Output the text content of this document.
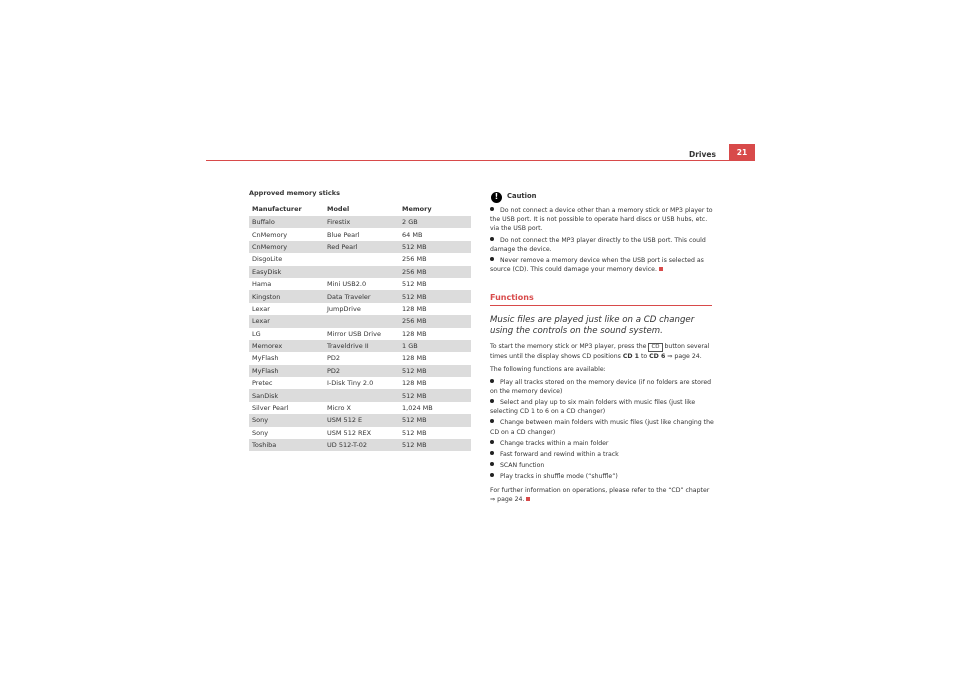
Drives	21
Approved memory sticks
Manufacturer	Model	Memory
Buffalo	Firestix	2 GB
CnMemory	Blue Pearl	64 MB
CnMemory	Red Pearl	512 MB
DisgoLite		256 MB
EasyDisk		256 MB
Hama	Mini USB2.0	512 MB
Kingston	Data Traveler	512 MB
Lexar	JumpDrive	128 MB
Lexar		256 MB
LG	Mirror USB Drive	128 MB
Memorex	Traveldrive II	1 GB
MyFlash	PD2	128 MB
MyFlash	PD2	512 MB
Pretec	I-Disk Tiny 2.0	128 MB
SanDisk		512 MB
Silver Pearl	Micro X	1,024 MB
Sony	USM 512 E	512 MB
Sony	USM 512 REX	512 MB
Toshiba	UD 512-T-02	512 MB
!	Caution
Do not connect a device other than a memory stick or MP3 player to the USB port. It is not possible to operate hard discs or USB hubs, etc. via the USB port.
Do not connect the MP3 player directly to the USB port. This could damage the device.
Never remove a memory device when the USB port is selected as source (CD). This could damage your memory device.
Functions
Music files are played just like on a CD changer using the controls on the sound system.

To start the memory stick or MP3 player, press the CD button several times until the display shows CD positions CD 1 to CD 6 ⇒ page 24.

The following functions are available:

Play all tracks stored on the memory device (if no folders are stored on the memory device)
Select and play up to six main folders with music files (just like selecting CD 1 to 6 on a CD changer)
Change between main folders with music files (just like changing the CD on a CD changer)
Change tracks within a main folder
Fast forward and rewind within a track
SCAN function
Play tracks in shuffle mode (“shuffle”)

For further information on operations, please refer to the “CD” chapter
⇒ page 24.
